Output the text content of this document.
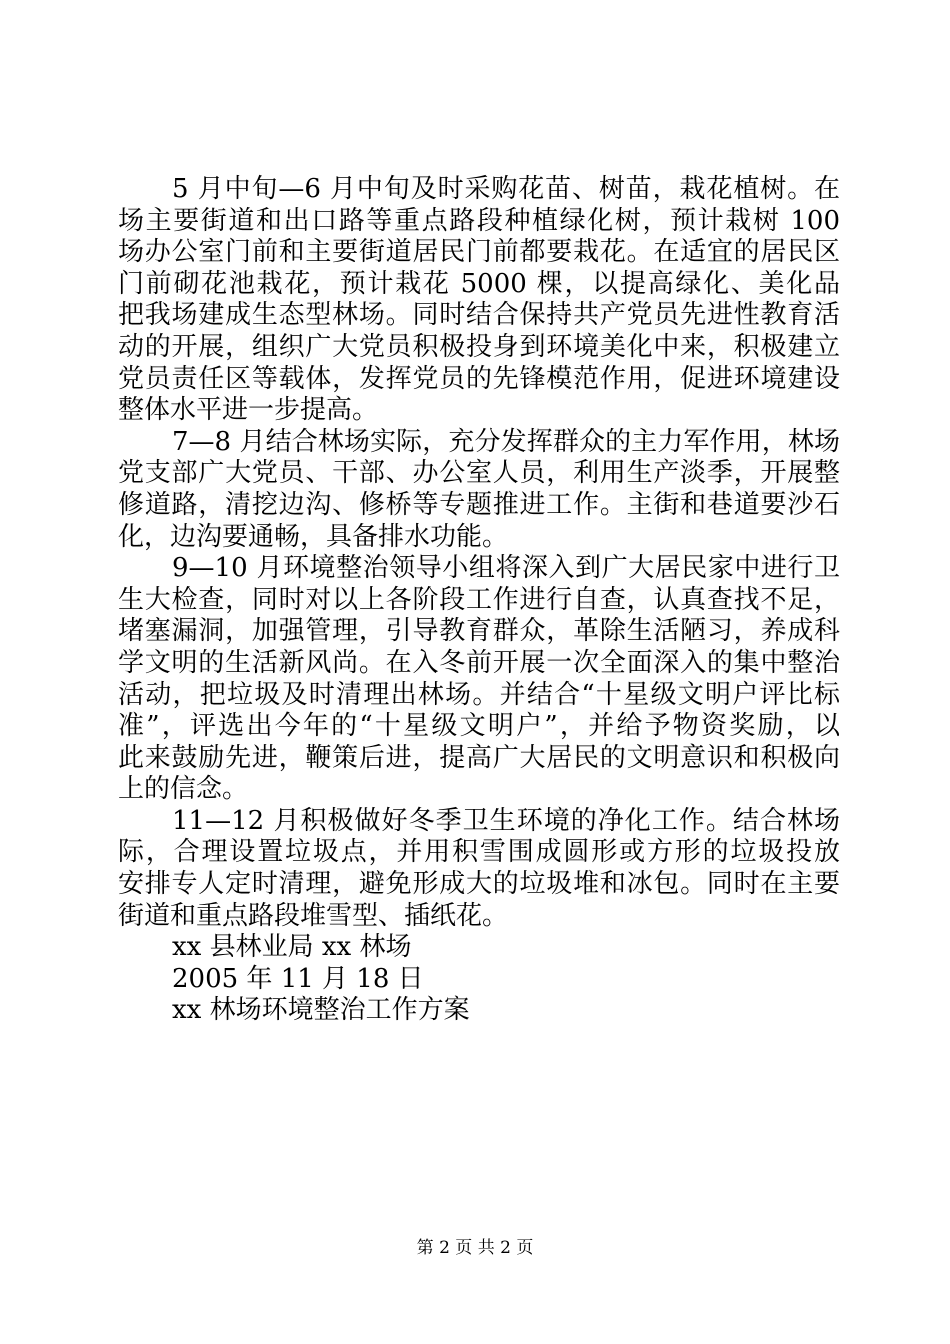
5 月中旬—6 月中旬及时采购花苗、树苗，栽花植树。在
场主要街道和出口路等重点路段种植绿化树，预计栽树 100
场办公室门前和主要街道居民门前都要栽花。在适宜的居民区
门前砌花池栽花，预计栽花 5000 棵，以提高绿化、美化品
把我场建成生态型林场。同时结合保持共产党员先进性教育活
动的开展，组织广大党员积极投身到环境美化中来，积极建立
党员责任区等载体，发挥党员的先锋模范作用，促进环境建设
整体水平进一步提高。
7—8 月结合林场实际，充分发挥群众的主力军作用，林场
党支部广大党员、干部、办公室人员，利用生产淡季，开展整
修道路，清挖边沟、修桥等专题推进工作。主街和巷道要沙石
化，边沟要通畅，具备排水功能。
9—10 月环境整治领导小组将深入到广大居民家中进行卫
生大检查，同时对以上各阶段工作进行自查，认真查找不足，
堵塞漏洞，加强管理，引导教育群众，革除生活陋习，养成科
学文明的生活新风尚。在入冬前开展一次全面深入的集中整治
活动，把垃圾及时清理出林场。并结合“十星级文明户评比标
准”，评选出今年的“十星级文明户”，并给予物资奖励，以
此来鼓励先进，鞭策后进，提高广大居民的文明意识和积极向
上的信念。
11—12 月积极做好冬季卫生环境的净化工作。结合林场
际，合理设置垃圾点，并用积雪围成圆形或方形的垃圾投放
安排专人定时清理，避免形成大的垃圾堆和冰包。同时在主要
街道和重点路段堆雪型、插纸花。
xx 县林业局 xx 林场
2005 年 11 月 18 日
xx 林场环境整治工作方案
第 2 页 共 2 页
